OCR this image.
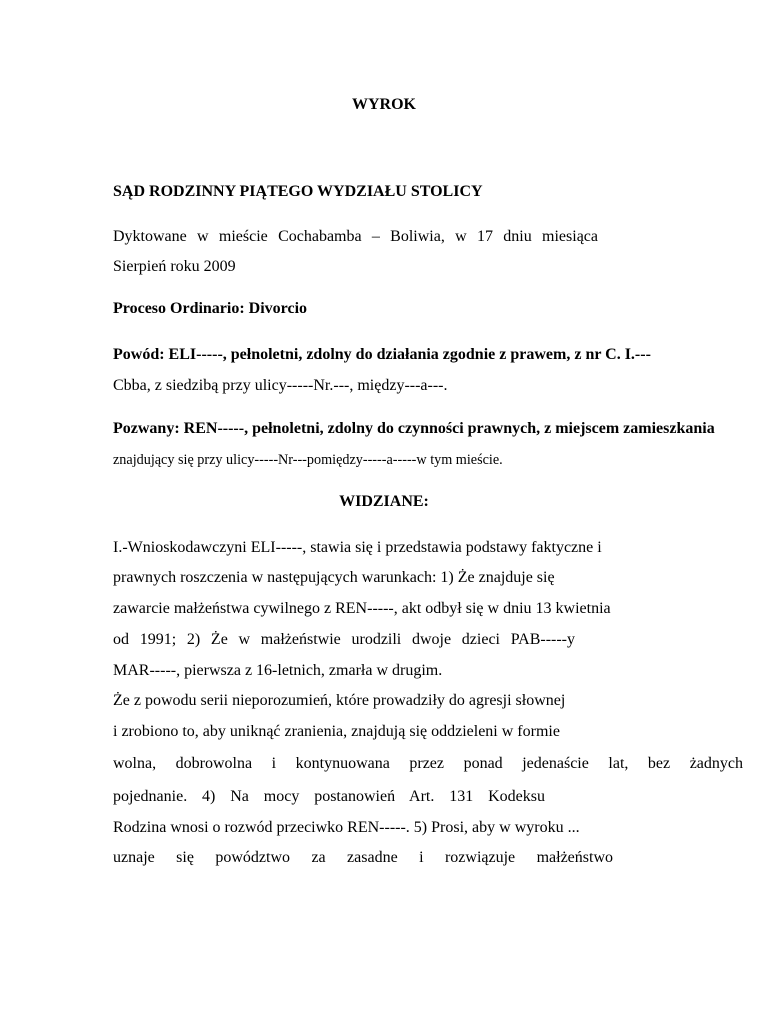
WYROK
SĄD RODZINNY PIĄTEGO WYDZIAŁU STOLICY
Dyktowane w mieście Cochabamba – Boliwia, w 17 dniu miesiąca
Sierpień roku 2009
Proceso Ordinario: Divorcio
Powód: ELI-----, pełnoletni, zdolny do działania zgodnie z prawem, z nr C. I.---
Cbba, z siedzibą przy ulicy-----Nr.---, między---a---.
Pozwany: REN-----, pełnoletni, zdolny do czynności prawnych, z miejscem zamieszkania
znajdujący się przy ulicy-----Nr---pomiędzy-----a-----w tym mieście.
WIDZIANE:
I.-Wnioskodawczyni ELI-----, stawia się i przedstawia podstawy faktyczne i
prawnych roszczenia w następujących warunkach: 1) Że znajduje się
zawarcie małżeństwa cywilnego z REN-----, akt odbył się w dniu 13 kwietnia
od 1991; 2) Że w małżeństwie urodzili dwoje dzieci PAB-----y
MAR-----, pierwsza z 16-letnich, zmarła w drugim.
Że z powodu serii nieporozumień, które prowadziły do agresji słownej
i zrobiono to, aby uniknąć zranienia, znajdują się oddzieleni w formie
wolna, dobrowolna i kontynuowana przez ponad jedenaście lat, bez żadnych
pojednanie. 4) Na mocy postanowień Art. 131 Kodeksu
Rodzina wnosi o rozwód przeciwko REN-----. 5) Prosi, aby w wyroku ...
uznaje się powództwo za zasadne i rozwiązuje małżeństwo
